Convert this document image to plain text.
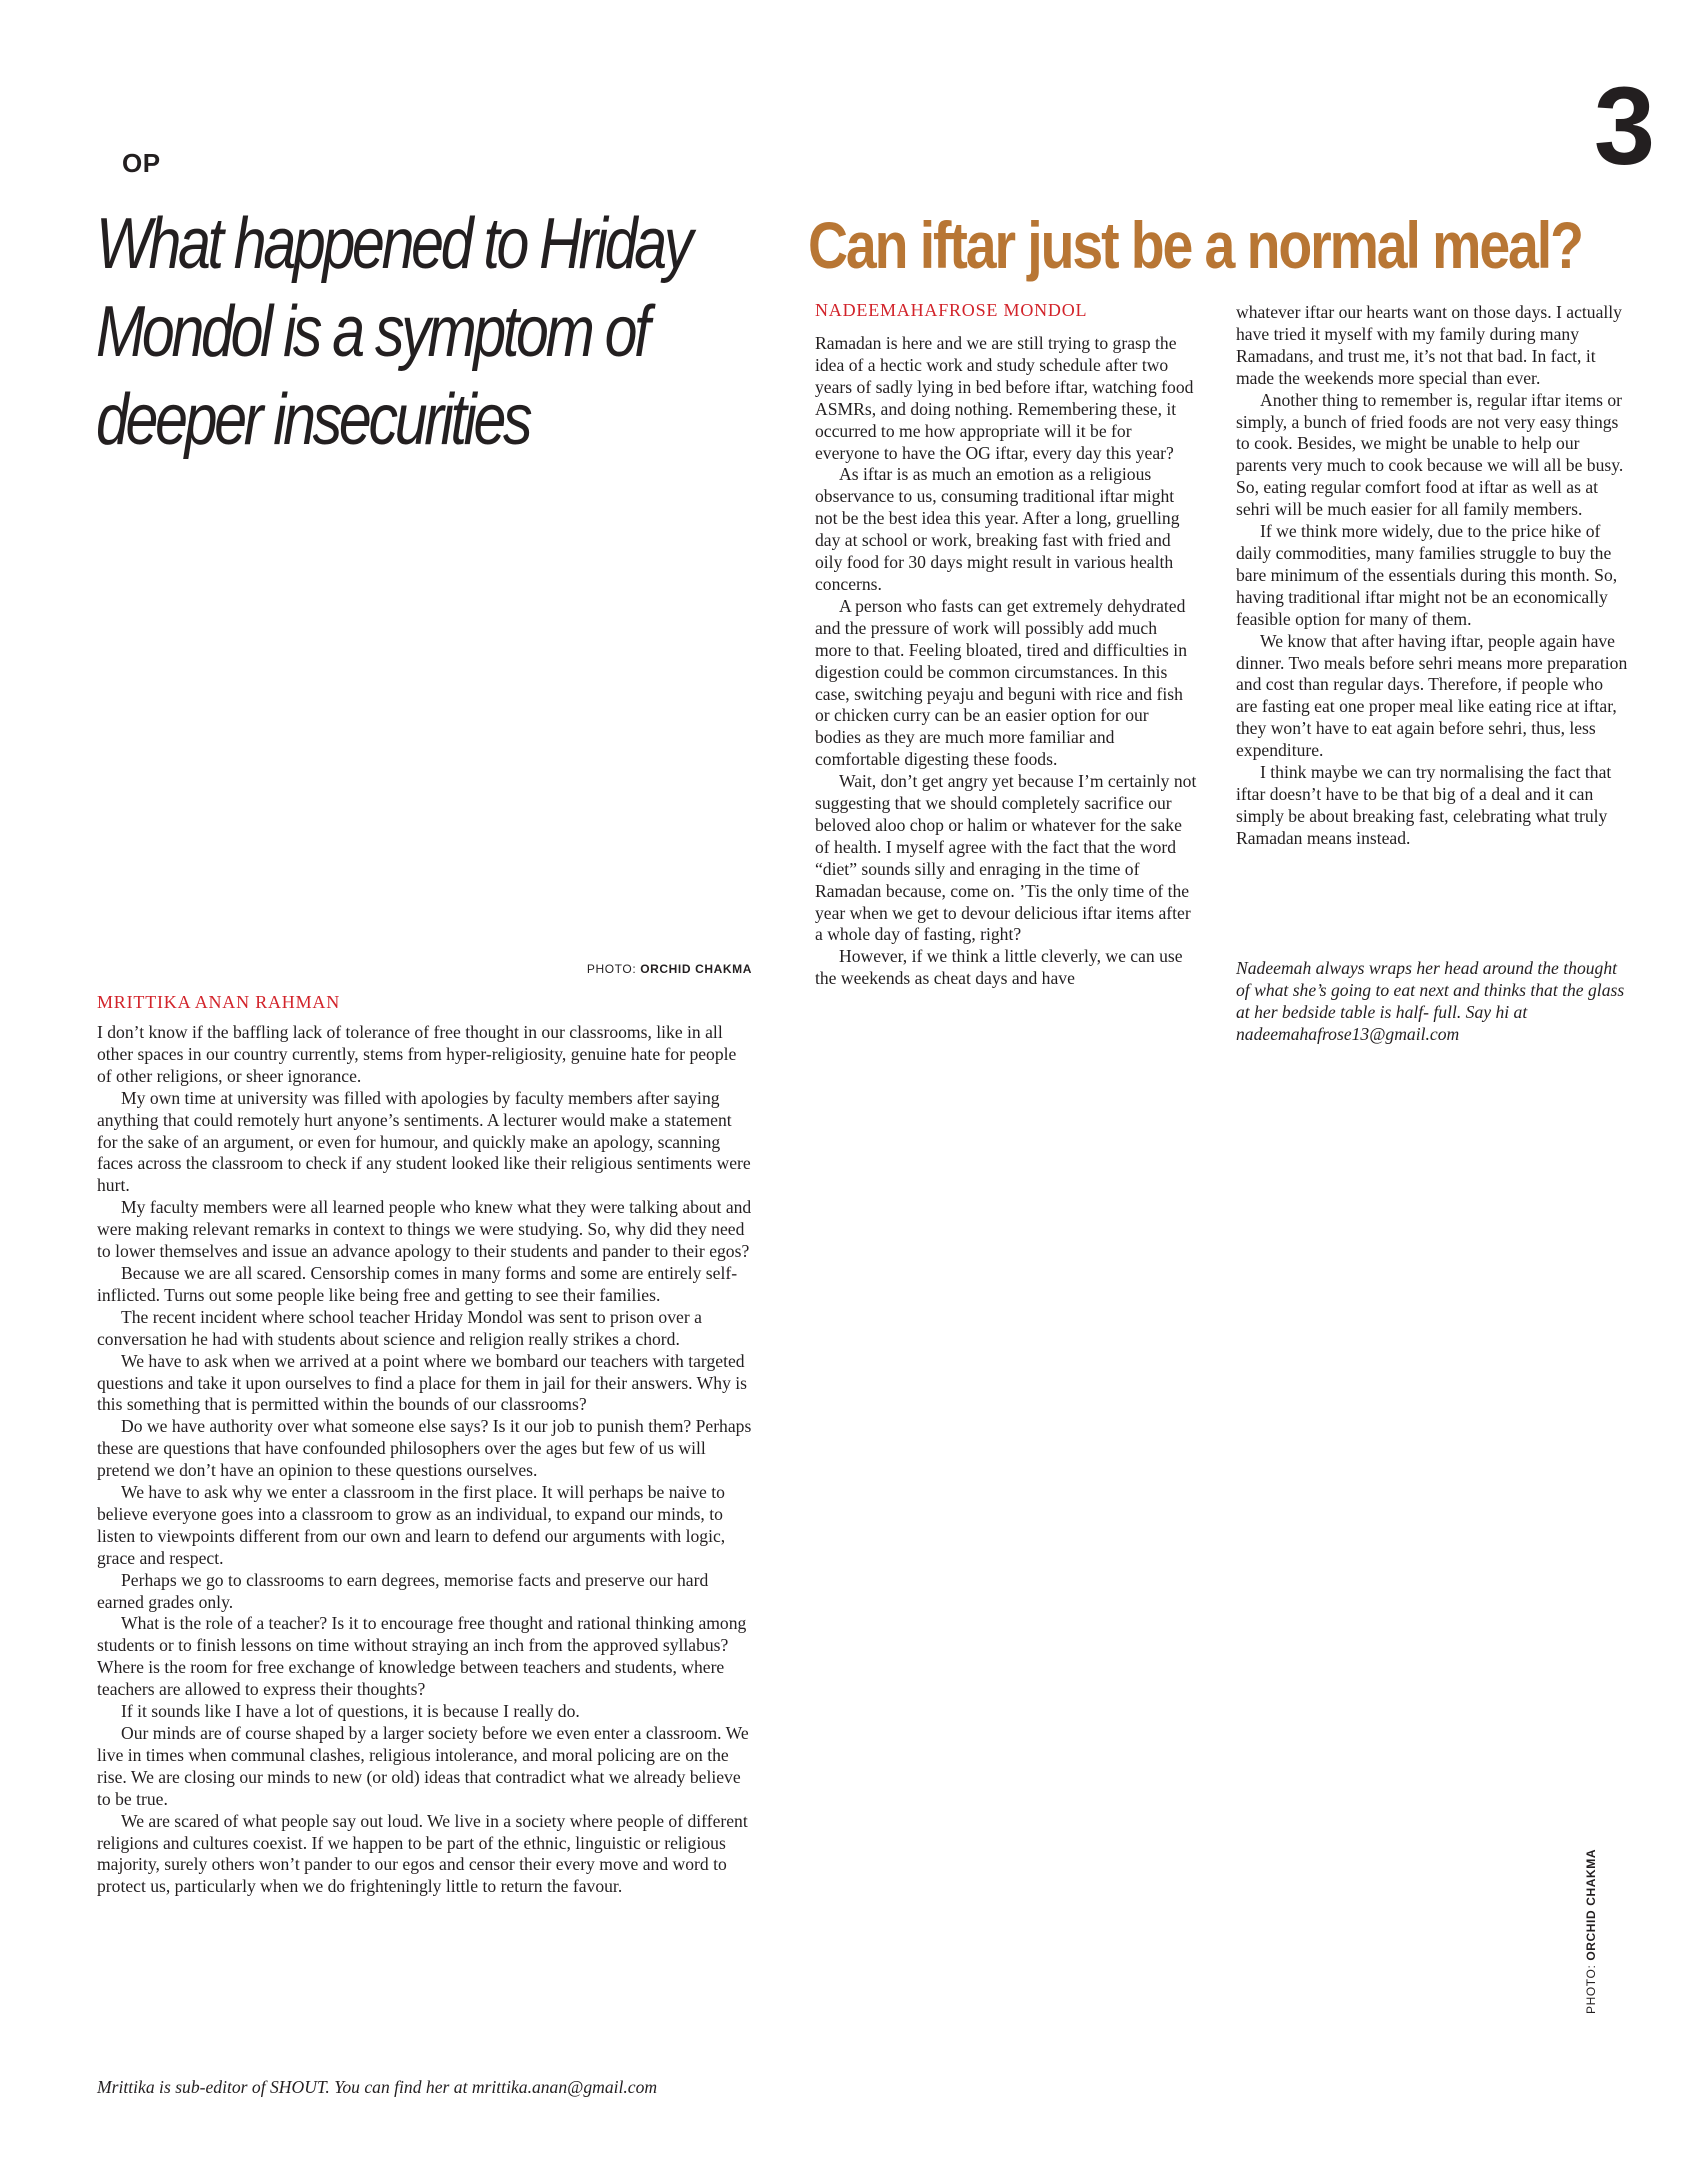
OP	3
What happened to Hriday Mondol is a symptom of deeper insecurities
PHOTO: ORCHID CHAKMA
MRITTIKA ANAN RAHMAN

I don’t know if the baffling lack of tolerance of free thought in our classrooms, like in all other spaces in our country currently, stems from hyper-religiosity, genuine hate for people of other religions, or sheer ignorance.

My own time at university was filled with apologies by faculty members after saying anything that could remotely hurt anyone’s sentiments. A lecturer would make a statement for the sake of an argument, or even for humour, and quickly make an apology, scanning faces across the classroom to check if any student looked like their religious sentiments were hurt.

My faculty members were all learned people who knew what they were talking about and were making relevant remarks in context to things we were studying. So, why did they need to lower themselves and issue an advance apology to their students and pander to their egos?

Because we are all scared. Censorship comes in many forms and some are entirely self-inflicted. Turns out some people like being free and getting to see their families.

The recent incident where school teacher Hriday Mondol was sent to prison over a conversation he had with students about science and religion really strikes a chord.

We have to ask when we arrived at a point where we bombard our teachers with targeted questions and take it upon ourselves to find a place for them in jail for their answers. Why is this something that is permitted within the bounds of our classrooms?

Do we have authority over what someone else says? Is it our job to punish them? Perhaps these are questions that have confounded philosophers over the ages but few of us will pretend we don’t have an opinion to these questions ourselves.

We have to ask why we enter a classroom in the first place. It will perhaps be naive to believe everyone goes into a classroom to grow as an individual, to expand our minds, to listen to viewpoints different from our own and learn to defend our arguments with logic, grace and respect.

Perhaps we go to classrooms to earn degrees, memorise facts and preserve our hard earned grades only.

What is the role of a teacher? Is it to encourage free thought and rational thinking among students or to finish lessons on time without straying an inch from the approved syllabus? Where is the room for free exchange of knowledge between teachers and students, where teachers are allowed to express their thoughts?

If it sounds like I have a lot of questions, it is because I really do.

Our minds are of course shaped by a larger society before we even enter a classroom. We live in times when communal clashes, religious intolerance, and moral policing are on the rise. We are closing our minds to new (or old) ideas that contradict what we already believe to be true.

We are scared of what people say out loud. We live in a society where people of different religions and cultures coexist. If we happen to be part of the ethnic, linguistic or religious majority, surely others won’t pander to our egos and censor their every move and word to protect us, particularly when we do frighteningly little to return the favour.

Mrittika is sub-editor of SHOUT. You can find her at mrittika.anan@gmail.com
Can iftar just be a normal meal?
NADEEMAHAFROSE MONDOL

Ramadan is here and we are still trying to grasp the idea of a hectic work and study schedule after two years of sadly lying in bed before iftar, watching food ASMRs, and doing nothing. Remembering these, it occurred to me how appropriate will it be for everyone to have the OG iftar, every day this year?

As iftar is as much an emotion as a religious observance to us, consuming traditional iftar might not be the best idea this year. After a long, gruelling day at school or work, breaking fast with fried and oily food for 30 days might result in various health concerns.

A person who fasts can get extremely dehydrated and the pressure of work will possibly add much more to that. Feeling bloated, tired and difficulties in digestion could be common circumstances. In this case, switching peyaju and beguni with rice and fish or chicken curry can be an easier option for our bodies as they are much more familiar and comfortable digesting these foods.

Wait, don’t get angry yet because I’m certainly not suggesting that we should completely sacrifice our beloved aloo chop or halim or whatever for the sake of health. I myself agree with the fact that the word “diet” sounds silly and enraging in the time of Ramadan because, come on. ’Tis the only time of the year when we get to devour delicious iftar items after a whole day of fasting, right?

However, if we think a little cleverly, we can use the weekends as cheat days and have

whatever iftar our hearts want on those days. I actually have tried it myself with my family during many Ramadans, and trust me, it’s not that bad. In fact, it made the weekends more special than ever.

Another thing to remember is, regular iftar items or simply, a bunch of fried foods are not very easy things to cook. Besides, we might be unable to help our parents very much to cook because we will all be busy. So, eating regular comfort food at iftar as well as at sehri will be much easier for all family members.

If we think more widely, due to the price hike of daily commodities, many families struggle to buy the bare minimum of the essentials during this month. So, having traditional iftar might not be an economically feasible option for many of them.

We know that after having iftar, people again have dinner. Two meals before sehri means more preparation and cost than regular days. Therefore, if people who are fasting eat one proper meal like eating rice at iftar, they won’t have to eat again before sehri, thus, less expenditure.

I think maybe we can try normalising the fact that iftar doesn’t have to be that big of a deal and it can simply be about breaking fast, celebrating what truly Ramadan means instead.

Nadeemah always wraps her head around the thought of what she’s going to eat next and thinks that the glass at her bedside table is half- full. Say hi at nadeemahafrose13@gmail.com
PHOTO: ORCHID CHAKMA
